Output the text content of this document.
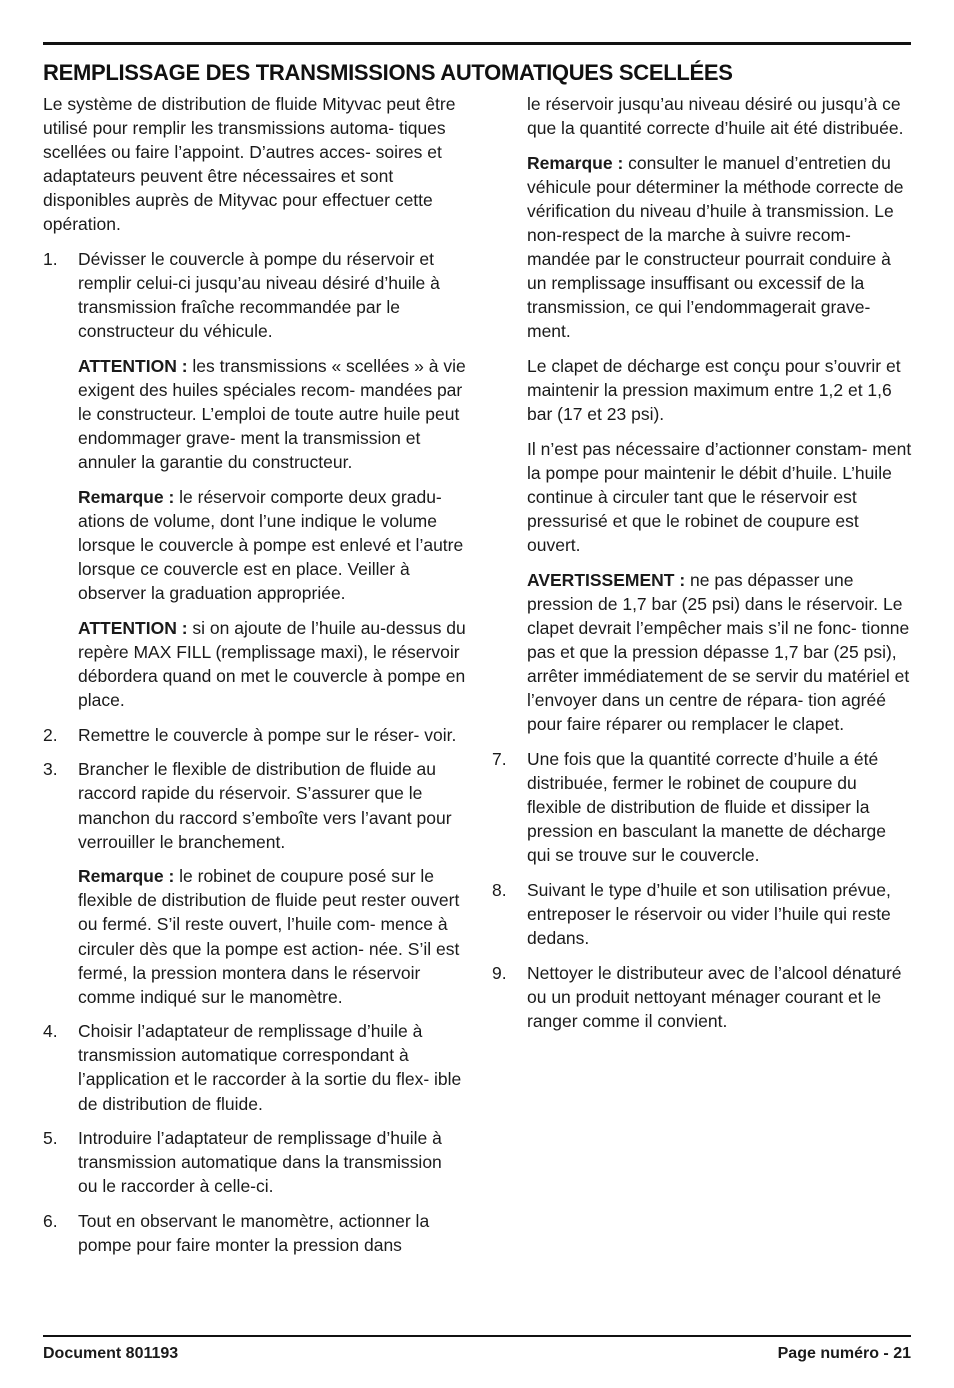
REMPLISSAGE DES TRANSMISSIONS AUTOMATIQUES SCELLÉES

Le système de distribution de fluide Mityvac peut être utilisé pour remplir les transmissions automa- tiques scellées ou faire l’appoint. D’autres acces- soires et adaptateurs peuvent être nécessaires et sont disponibles auprès de Mityvac pour effectuer cette opération.

1. Dévisser le couvercle à pompe du réservoir et remplir celui-ci jusqu’au niveau désiré d’huile à transmission fraîche recommandée par le constructeur du véhicule.

ATTENTION : les transmissions « scellées » à vie exigent des huiles spéciales recom- mandées par le constructeur. L’emploi de toute autre huile peut endommager grave- ment la transmission et annuler la garantie du constructeur.

Remarque : le réservoir comporte deux gradu- ations de volume, dont l’une indique le volume lorsque le couvercle à pompe est enlevé et l’autre lorsque ce couvercle est en place. Veiller à observer la graduation appropriée.

ATTENTION : si on ajoute de l’huile au-dessus du repère MAX FILL (remplissage maxi), le réservoir débordera quand on met le couvercle à pompe en place.

2. Remettre le couvercle à pompe sur le réser- voir.

3. Brancher le flexible de distribution de fluide au raccord rapide du réservoir. S’assurer que le manchon du raccord s’emboîte vers l’avant pour verrouiller le branchement.

Remarque : le robinet de coupure posé sur le flexible de distribution de fluide peut rester ouvert ou fermé. S’il reste ouvert, l’huile com- mence à circuler dès que la pompe est action- née. S’il est fermé, la pression montera dans le réservoir comme indiqué sur le manomètre.

4. Choisir l’adaptateur de remplissage d’huile à transmission automatique correspondant à l’application et le raccorder à la sortie du flex- ible de distribution de fluide.

5. Introduire l’adaptateur de remplissage d’huile à transmission automatique dans la transmission ou le raccorder à celle-ci.

6. Tout en observant le manomètre, actionner la pompe pour faire monter la pression dans

le réservoir jusqu’au niveau désiré ou jusqu’à ce que la quantité correcte d’huile ait été distribuée.

Remarque : consulter le manuel d’entretien du véhicule pour déterminer la méthode correcte de vérification du niveau d’huile à transmission. Le non-respect de la marche à suivre recom- mandée par le constructeur pourrait conduire à un remplissage insuffisant ou excessif de la transmission, ce qui l’endommagerait grave- ment.

Le clapet de décharge est conçu pour s’ouvrir et maintenir la pression maximum entre 1,2 et 1,6 bar (17 et 23 psi).

Il n’est pas nécessaire d’actionner constam- ment la pompe pour maintenir le débit d’huile. L’huile continue à circuler tant que le réservoir est pressurisé et que le robinet de coupure est ouvert.

AVERTISSEMENT : ne pas dépasser une pression de 1,7 bar (25 psi) dans le réservoir. Le clapet devrait l’empêcher mais s’il ne fonc- tionne pas et que la pression dépasse 1,7 bar (25 psi), arrêter immédiatement de se servir du matériel et l’envoyer dans un centre de répara- tion agréé pour faire réparer ou remplacer le clapet.

7. Une fois que la quantité correcte d’huile a été distribuée, fermer le robinet de coupure du flexible de distribution de fluide et dissiper la pression en basculant la manette de décharge qui se trouve sur le couvercle.

8. Suivant le type d’huile et son utilisation prévue, entreposer le réservoir ou vider l’huile qui reste dedans.

9. Nettoyer le distributeur avec de l’alcool dénaturé ou un produit nettoyant ménager courant et le ranger comme il convient.

Document 801193	Page numéro - 21
